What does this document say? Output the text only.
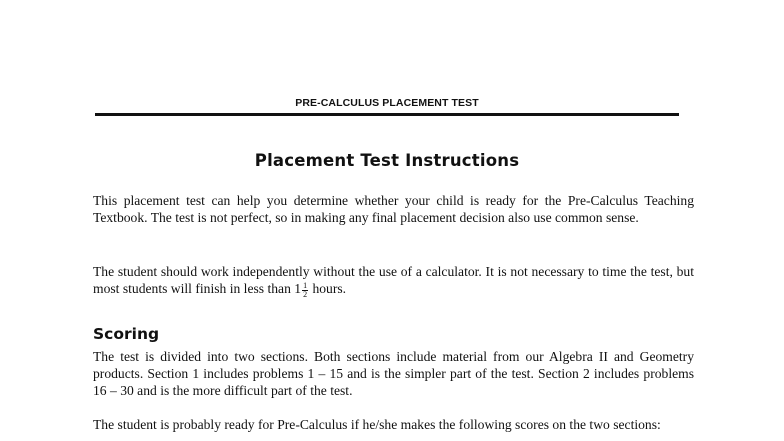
PRE-CALCULUS PLACEMENT TEST
Placement Test Instructions

This placement test can help you determine whether your child is ready for the Pre-Calculus Teaching Textbook. The test is not perfect, so in making any final placement decision also use common sense.

The student should work independently without the use of a calculator. It is not necessary to time the test, but most students will finish in less than $1 \frac{1}{2}$ hours.

Scoring

The test is divided into two sections. Both sections include material from our Algebra II and Geometry products. Section 1 includes problems 1 – 15 and is the simpler part of the test. Section 2 includes problems 16 – 30 and is the more difficult part of the test.

The student is probably ready for Pre-Calculus if he/she makes the following scores on the two sections:
